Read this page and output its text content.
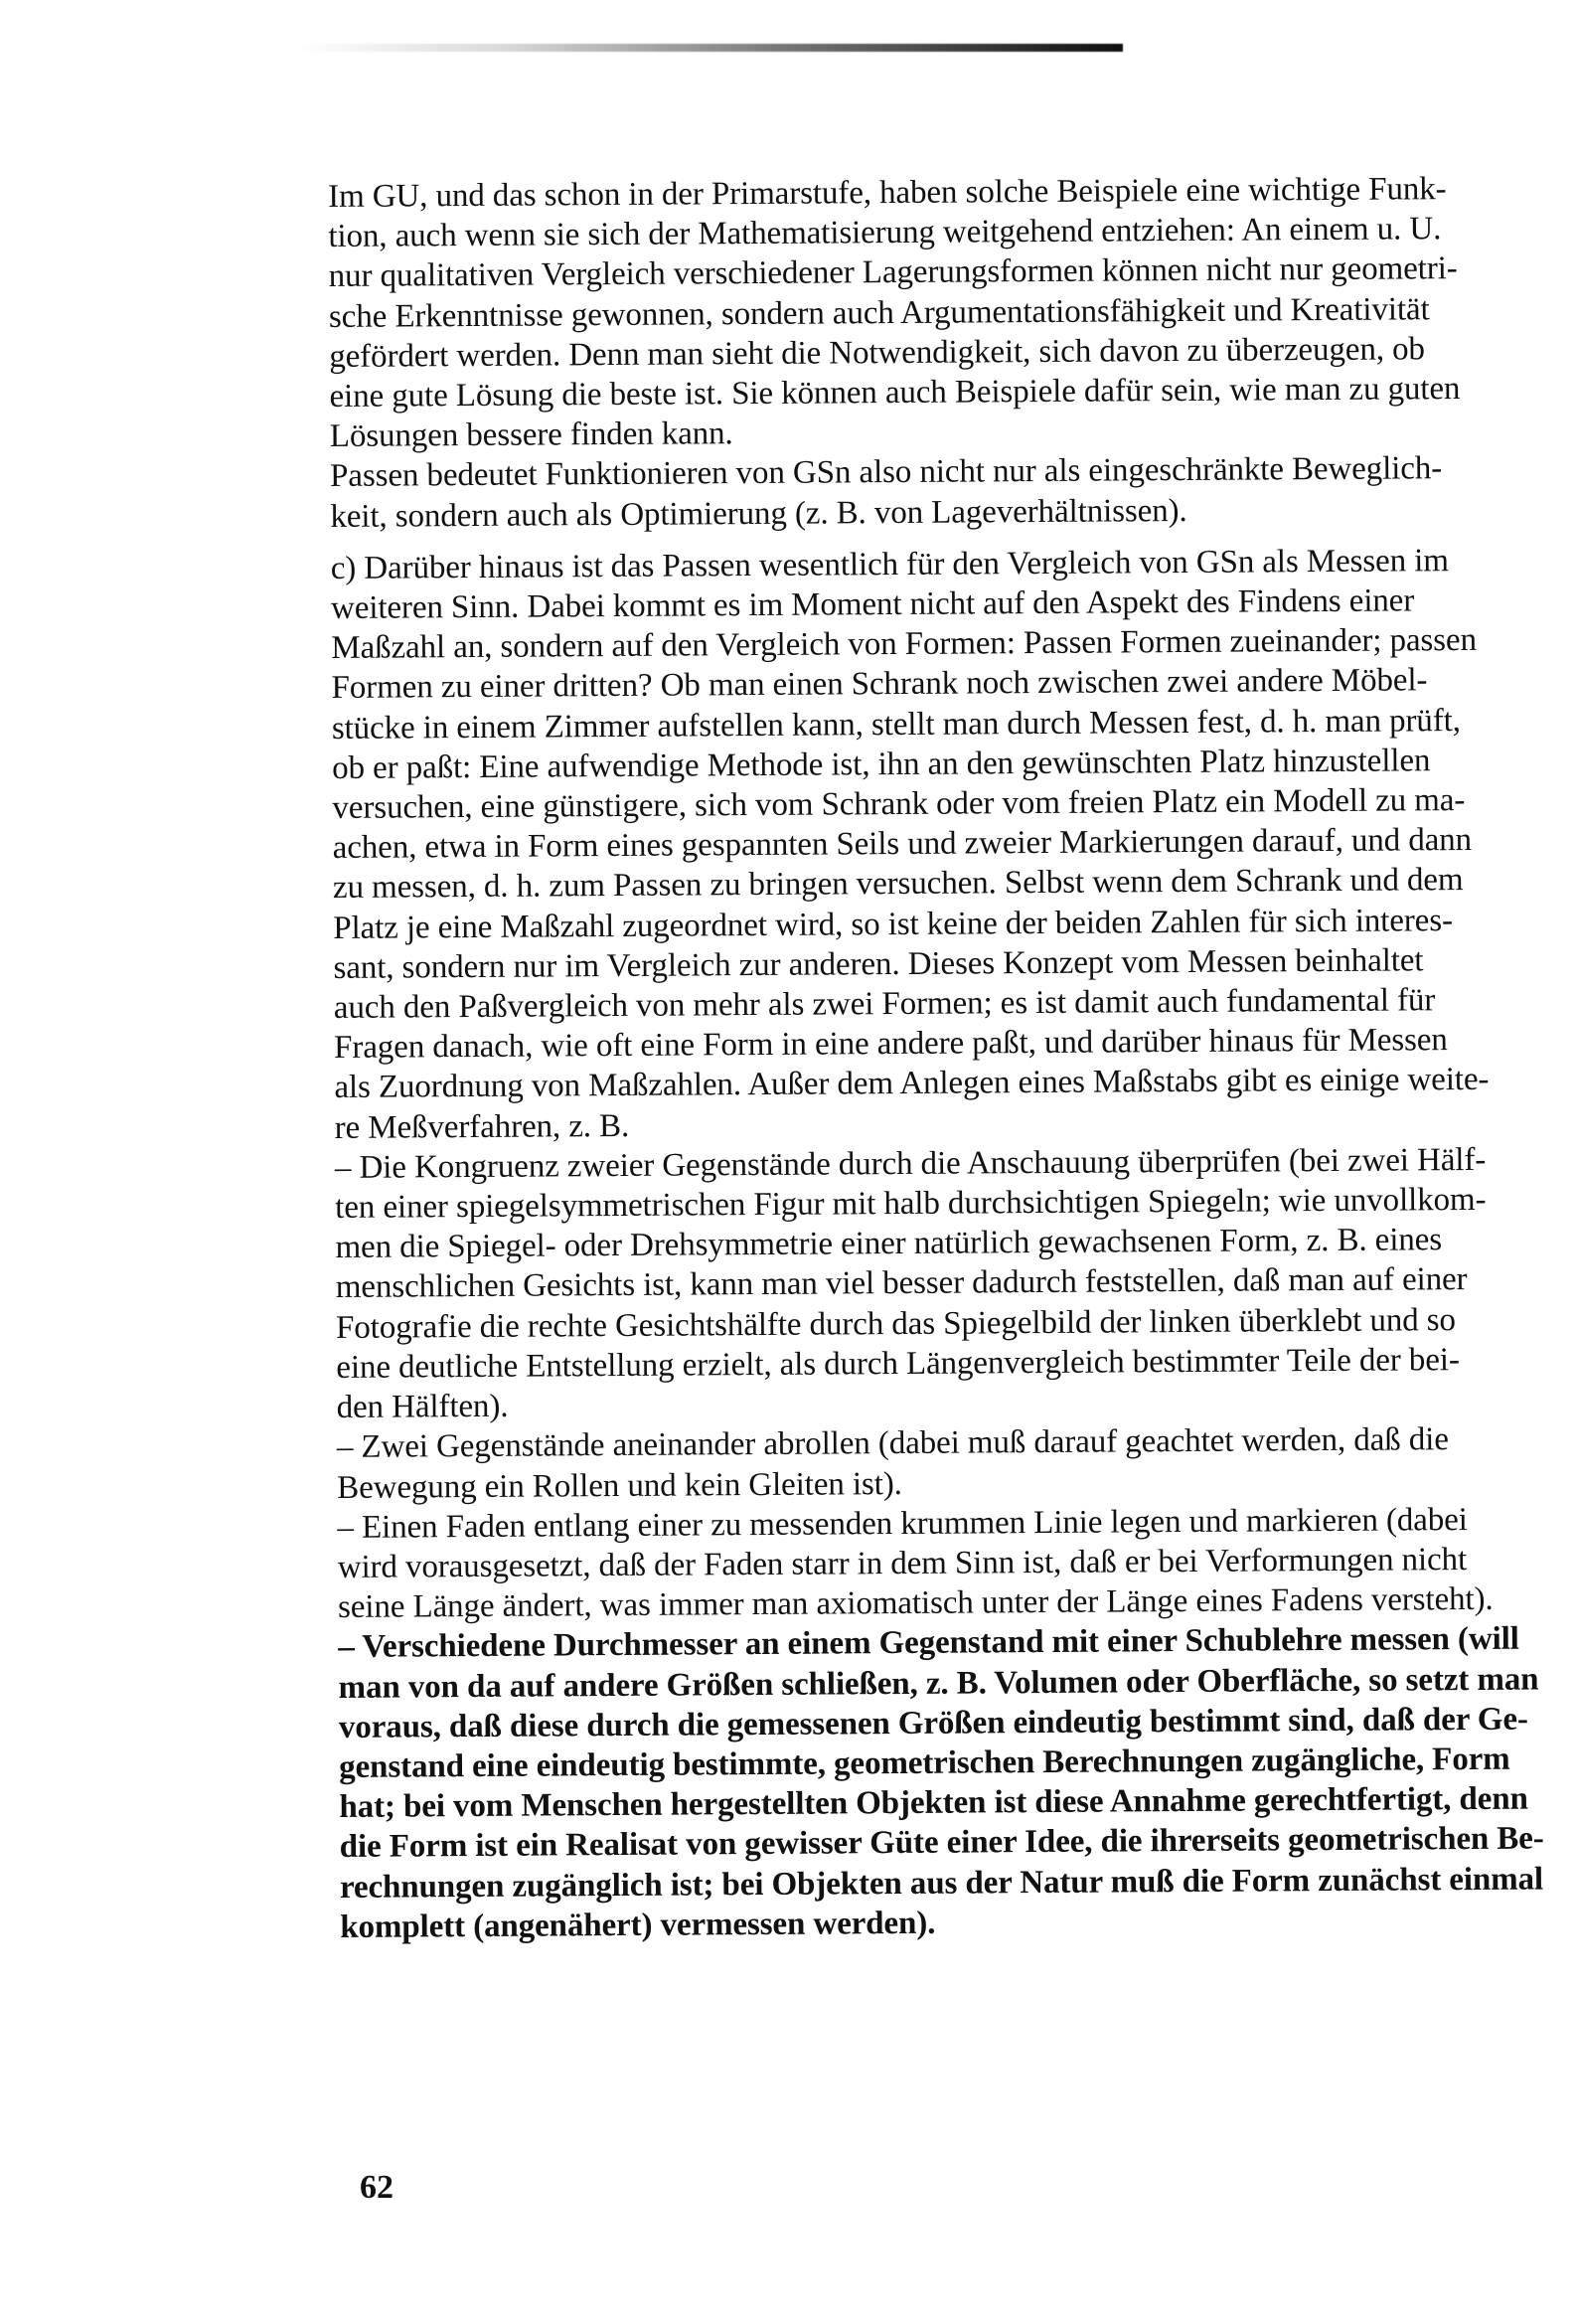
Im GU, und das schon in der Primarstufe, haben solche Beispiele eine wichtige Funk-
tion, auch wenn sie sich der Mathematisierung weitgehend entziehen: An einem u. U.
nur qualitativen Vergleich verschiedener Lagerungsformen können nicht nur geometri-
sche Erkenntnisse gewonnen, sondern auch Argumentationsfähigkeit und Kreativität
gefördert werden. Denn man sieht die Notwendigkeit, sich davon zu überzeugen, ob
eine gute Lösung die beste ist. Sie können auch Beispiele dafür sein, wie man zu guten
Lösungen bessere finden kann.

Passen bedeutet Funktionieren von GSn also nicht nur als eingeschränkte Beweglich-
keit, sondern auch als Optimierung (z. B. von Lageverhältnissen).

c) Darüber hinaus ist das Passen wesentlich für den Vergleich von GSn als Messen im
weiteren Sinn. Dabei kommt es im Moment nicht auf den Aspekt des Findens einer
Maßzahl an, sondern auf den Vergleich von Formen: Passen Formen zueinander; passen
Formen zu einer dritten? Ob man einen Schrank noch zwischen zwei andere Möbel-
stücke in einem Zimmer aufstellen kann, stellt man durch Messen fest, d. h. man prüft,
ob er paßt: Eine aufwendige Methode ist, ihn an den gewünschten Platz hinzustellen
versuchen, eine günstigere, sich vom Schrank oder vom freien Platz ein Modell zu ma-
achen, etwa in Form eines gespannten Seils und zweier Markierungen darauf, und dann
zu messen, d. h. zum Passen zu bringen versuchen. Selbst wenn dem Schrank und dem
Platz je eine Maßzahl zugeordnet wird, so ist keine der beiden Zahlen für sich interes-
sant, sondern nur im Vergleich zur anderen. Dieses Konzept vom Messen beinhaltet
auch den Paßvergleich von mehr als zwei Formen; es ist damit auch fundamental für
Fragen danach, wie oft eine Form in eine andere paßt, und darüber hinaus für Messen
als Zuordnung von Maßzahlen. Außer dem Anlegen eines Maßstabs gibt es einige weite-
re Meßverfahren, z. B.

– Die Kongruenz zweier Gegenstände durch die Anschauung überprüfen (bei zwei Hälf-
ten einer spiegelsymmetrischen Figur mit halb durchsichtigen Spiegeln; wie unvollkom-
men die Spiegel- oder Drehsymmetrie einer natürlich gewachsenen Form, z. B. eines
menschlichen Gesichts ist, kann man viel besser dadurch feststellen, daß man auf einer
Fotografie die rechte Gesichtshälfte durch das Spiegelbild der linken überklebt und so
eine deutliche Entstellung erzielt, als durch Längenvergleich bestimmter Teile der bei-
den Hälften).

– Zwei Gegenstände aneinander abrollen (dabei muß darauf geachtet werden, daß die
Bewegung ein Rollen und kein Gleiten ist).

– Einen Faden entlang einer zu messenden krummen Linie legen und markieren (dabei
wird vorausgesetzt, daß der Faden starr in dem Sinn ist, daß er bei Verformungen nicht
seine Länge ändert, was immer man axiomatisch unter der Länge eines Fadens versteht).

– Verschiedene Durchmesser an einem Gegenstand mit einer Schublehre messen (will
man von da auf andere Größen schließen, z. B. Volumen oder Oberfläche, so setzt man
voraus, daß diese durch die gemessenen Größen eindeutig bestimmt sind, daß der Ge-
genstand eine eindeutig bestimmte, geometrischen Berechnungen zugängliche, Form
hat; bei vom Menschen hergestellten Objekten ist diese Annahme gerechtfertigt, denn
die Form ist ein Realisat von gewisser Güte einer Idee, die ihrerseits geometrischen Be-
rechnungen zugänglich ist; bei Objekten aus der Natur muß die Form zunächst einmal
komplett (angenähert) vermessen werden).

62
